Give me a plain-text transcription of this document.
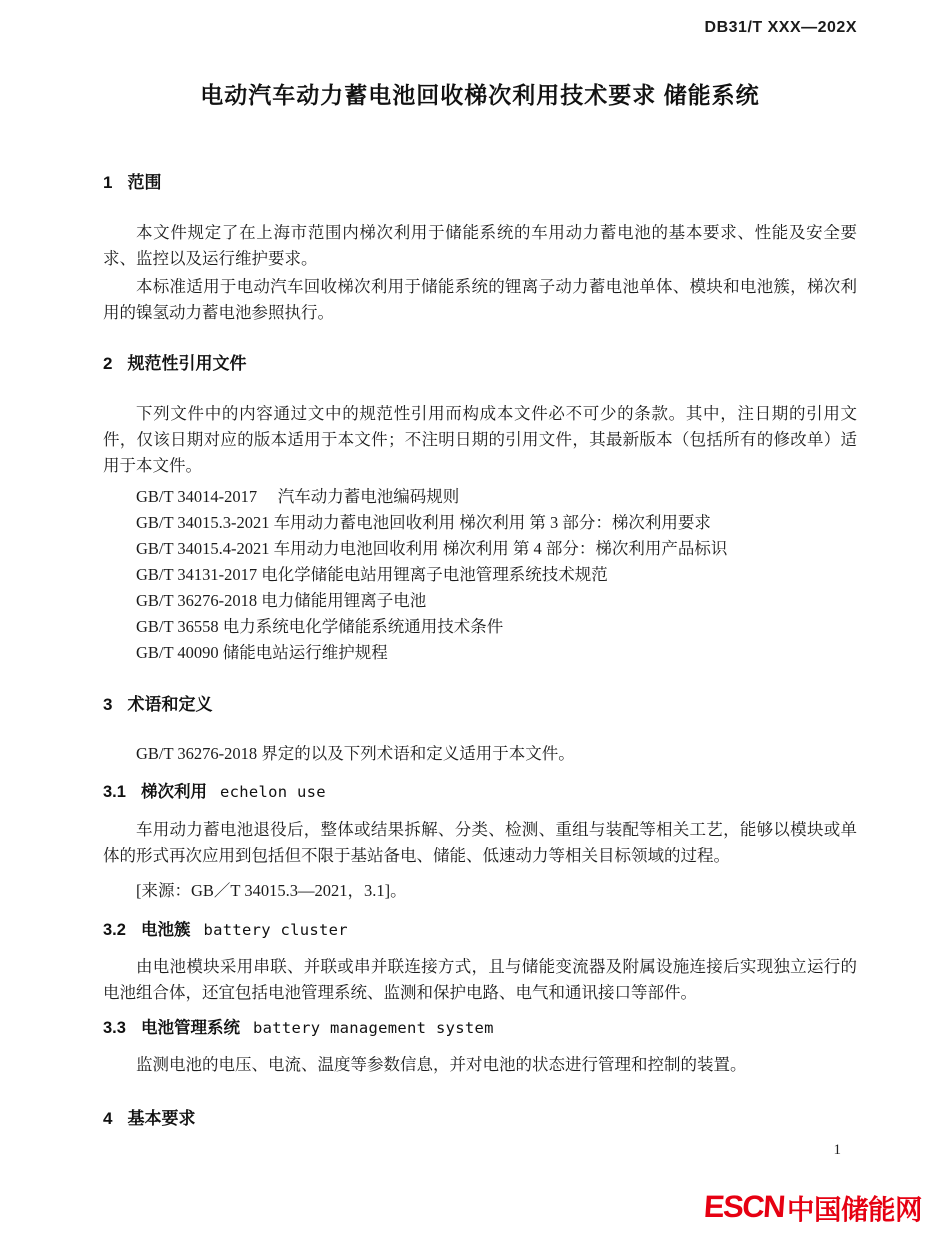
DB31/T XXX—202X
电动汽车动力蓄电池回收梯次利用技术要求 储能系统
1 范围

本文件规定了在上海市范围内梯次利用于储能系统的车用动力蓄电池的基本要求、性能及安全要求、监控以及运行维护要求。

本标准适用于电动汽车回收梯次利用于储能系统的锂离子动力蓄电池单体、模块和电池簇，梯次利用的镍氢动力蓄电池参照执行。

2 规范性引用文件

下列文件中的内容通过文中的规范性引用而构成本文件必不可少的条款。其中，注日期的引用文件，仅该日期对应的版本适用于本文件；不注明日期的引用文件，其最新版本（包括所有的修改单）适用于本文件。

GB/T 34014-2017　 汽车动力蓄电池编码规则

GB/T 34015.3-2021 车用动力蓄电池回收利用 梯次利用 第 3 部分：梯次利用要求

GB/T 34015.4-2021 车用动力电池回收利用 梯次利用 第 4 部分：梯次利用产品标识

GB/T 34131-2017 电化学储能电站用锂离子电池管理系统技术规范

GB/T 36276-2018 电力储能用锂离子电池

GB/T 36558 电力系统电化学储能系统通用技术条件

GB/T 40090 储能电站运行维护规程

3 术语和定义

GB/T 36276-2018 界定的以及下列术语和定义适用于本文件。

3.1 梯次利用 echelon use

车用动力蓄电池退役后，整体或结果拆解、分类、检测、重组与装配等相关工艺，能够以模块或单体的形式再次应用到包括但不限于基站备电、储能、低速动力等相关目标领域的过程。

[来源：GB／T 34015.3—2021，3.1]。

3.2 电池簇 battery cluster

由电池模块采用串联、并联或串并联连接方式，且与储能变流器及附属设施连接后实现独立运行的电池组合体，还宜包括电池管理系统、监测和保护电路、电气和通讯接口等部件。

3.3 电池管理系统 battery management system

监测电池的电压、电流、温度等参数信息，并对电池的状态进行管理和控制的装置。

4 基本要求
1
ESCN 中国储能网
